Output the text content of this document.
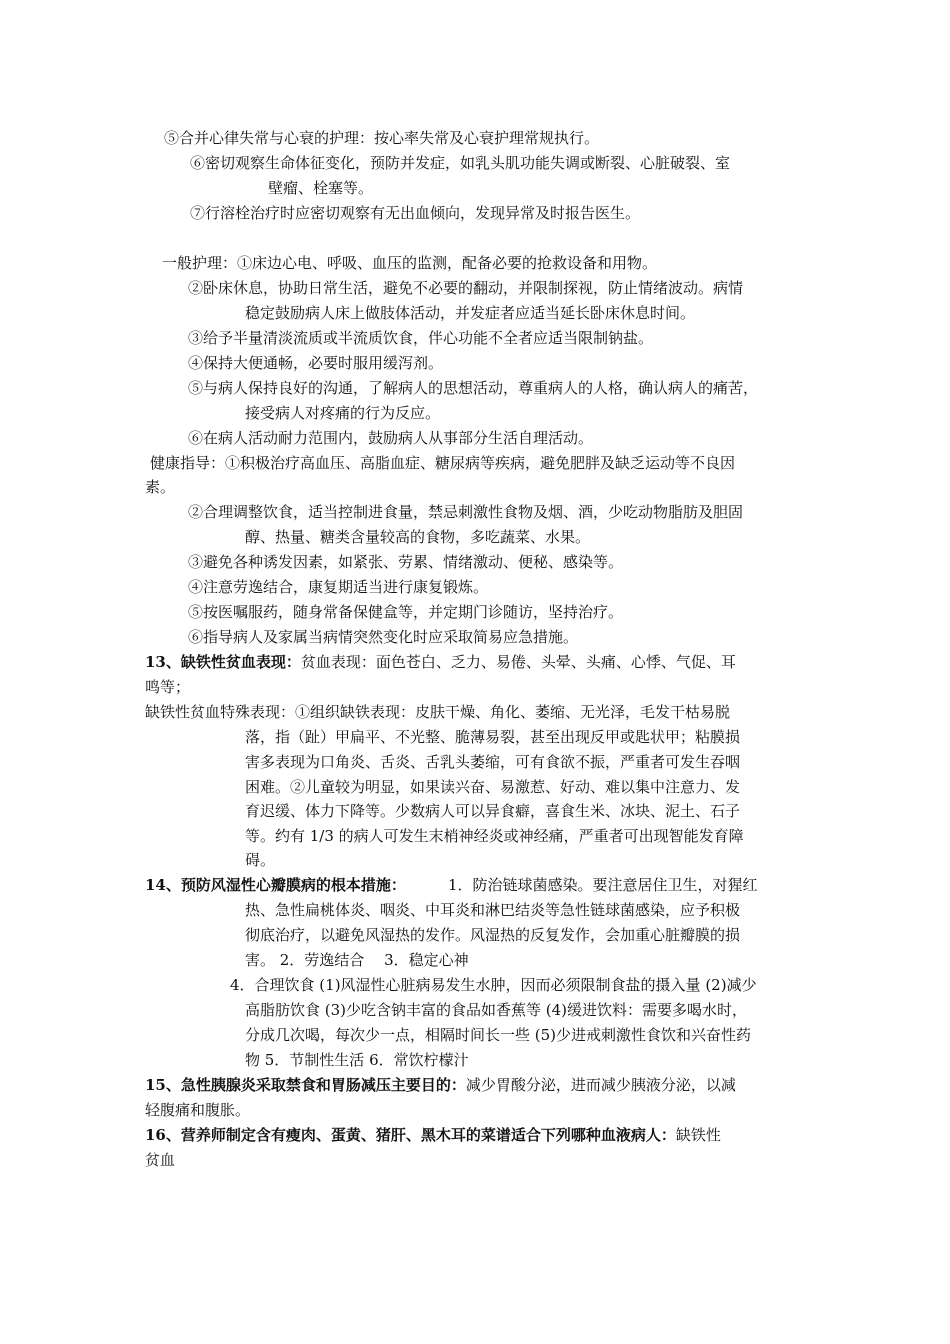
⑤合并心律失常与心衰的护理：按心率失常及心衰护理常规执行。
⑥密切观察生命体征变化，预防并发症，如乳头肌功能失调或断裂、心脏破裂、室
壁瘤、栓塞等。
⑦行溶栓治疗时应密切观察有无出血倾向，发现异常及时报告医生。
一般护理：①床边心电、呼吸、血压的监测，配备必要的抢救设备和用物。
②卧床休息，协助日常生活，避免不必要的翻动，并限制探视，防止情绪波动。病情
稳定鼓励病人床上做肢体活动，并发症者应适当延长卧床休息时间。
③给予半量清淡流质或半流质饮食，伴心功能不全者应适当限制钠盐。
④保持大便通畅，必要时服用缓泻剂。
⑤与病人保持良好的沟通，了解病人的思想活动，尊重病人的人格，确认病人的痛苦，
接受病人对疼痛的行为反应。
⑥在病人活动耐力范围内，鼓励病人从事部分生活自理活动。
健康指导：①积极治疗高血压、高脂血症、糖尿病等疾病，避免肥胖及缺乏运动等不良因
素。
②合理调整饮食，适当控制进食量，禁忌刺激性食物及烟、酒，少吃动物脂肪及胆固
醇、热量、糖类含量较高的食物，多吃蔬菜、水果。
③避免各种诱发因素，如紧张、劳累、情绪激动、便秘、感染等。
④注意劳逸结合，康复期适当进行康复锻炼。
⑤按医嘱服药，随身常备保健盒等，并定期门诊随访，坚持治疗。
⑥指导病人及家属当病情突然变化时应采取简易应急措施。
13、缺铁性贫血表现：贫血表现：面色苍白、乏力、易倦、头晕、头痛、心悸、气促、耳
鸣等；
缺铁性贫血特殊表现：①组织缺铁表现：皮肤干燥、角化、萎缩、无光泽，毛发干枯易脱
落，指（趾）甲扁平、不光整、脆薄易裂，甚至出现反甲或匙状甲；粘膜损
害多表现为口角炎、舌炎、舌乳头萎缩，可有食欲不振，严重者可发生吞咽
困难。②儿童较为明显，如果读兴奋、易激惹、好动、难以集中注意力、发
育迟缓、体力下降等。少数病人可以异食癖，喜食生米、冰块、泥土、石子
等。约有 1/3 的病人可发生末梢神经炎或神经痛，严重者可出现智能发育障
碍。
14、预防风湿性心瓣膜病的根本措施：	1．防治链球菌感染。要注意居住卫生，对猩红
热、急性扁桃体炎、咽炎、中耳炎和淋巴结炎等急性链球菌感染，应予积极
彻底治疗，以避免风湿热的发作。风湿热的反复发作，会加重心脏瓣膜的损
害。 2．劳逸结合　 3．稳定心神
4．合理饮食 (1)风湿性心脏病易发生水肿，因而必须限制食盐的摄入量 (2)减少
高脂肪饮食 (3)少吃含钠丰富的食品如香蕉等 (4)缓进饮料：需要多喝水时，
分成几次喝，每次少一点，相隔时间长一些 (5)少进戒刺激性食饮和兴奋性药
物 5．节制性生活 6．常饮柠檬汁
15、急性胰腺炎采取禁食和胃肠减压主要目的：减少胃酸分泌，进而减少胰液分泌，以减
轻腹痛和腹胀。
16、营养师制定含有瘦肉、蛋黄、猪肝、黑木耳的菜谱适合下列哪种血液病人：缺铁性
贫血
